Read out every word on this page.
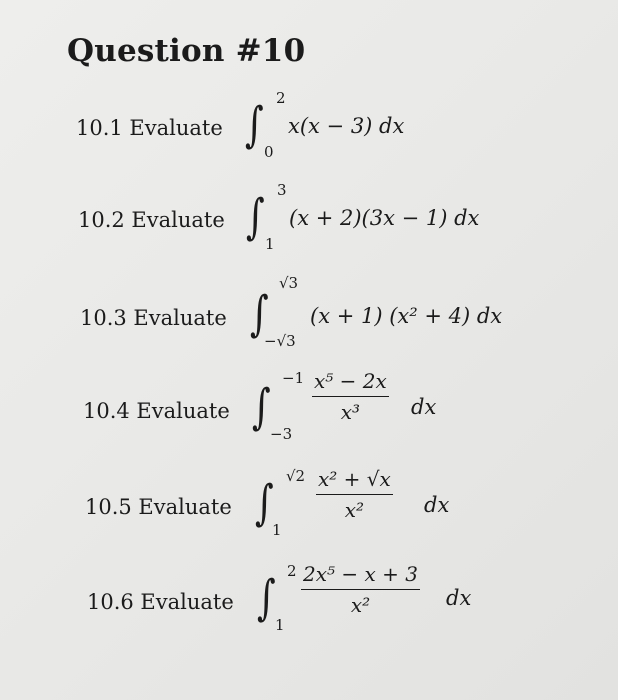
Question #10
10.1 Evaluate ∫ 2
0
x(x − 3) dx
10.2 Evaluate ∫ 3
1
(x + 2)(3x − 1) dx
10.3 Evaluate ∫
√3
−√3
(x + 1) (x² + 4) dx
10.4 Evaluate ∫
−1
−3
$\frac{\text{x⁵ − 2x}}{\text{x³}}$ dx
10.5 Evaluate ∫ √2
1
$\frac{\text{x² + √x}}{\text{x²}}$ dx
10.6 Evaluate ∫ 2
1
$\frac{\text{2x⁵ − x + 3}}{\text{x²}}$ dx
